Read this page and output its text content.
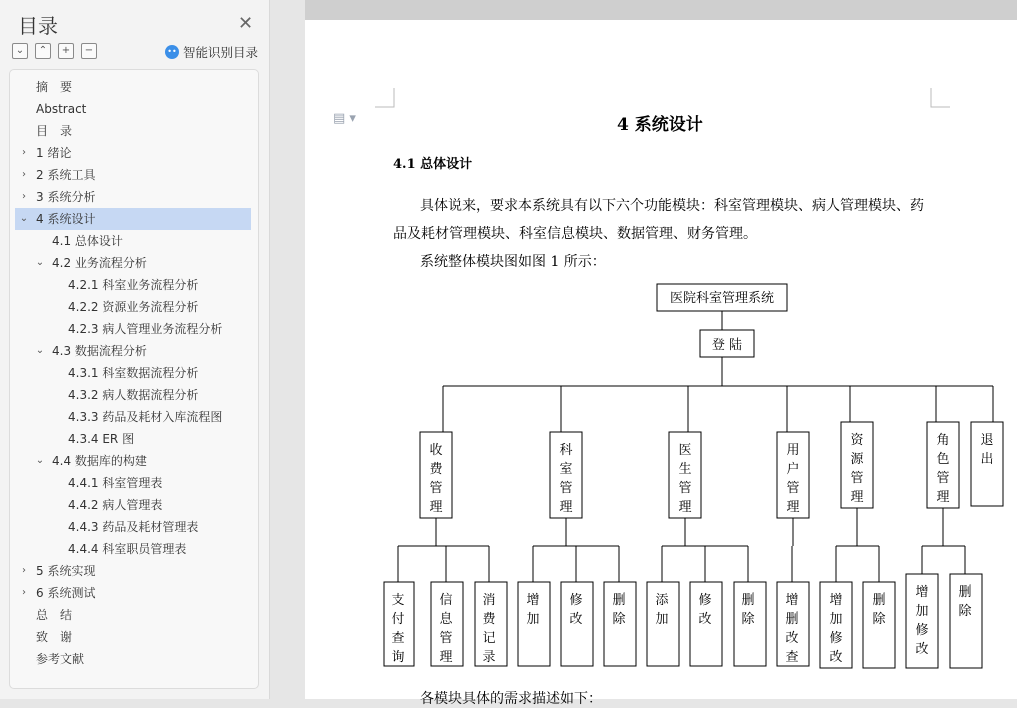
目录	✕
⌄	⌃	+	−	•• 智能识别目录
摘　要
Abstract
目　录
› 1 绪论
› 2 系统工具
› 3 系统分析
⌄ 4 系统设计
4.1 总体设计
⌄ 4.2 业务流程分析
4.2.1 科室业务流程分析
4.2.2 资源业务流程分析
4.2.3 病人管理业务流程分析
⌄ 4.3 数据流程分析
4.3.1 科室数据流程分析
4.3.2 病人数据流程分析
4.3.3 药品及耗材入库流程图
4.3.4 ER 图
⌄ 4.4 数据库的构建
4.4.1 科室管理表
4.4.2 病人管理表
4.4.3 药品及耗材管理表
4.4.4 科室职员管理表
› 5 系统实现
› 6 系统测试
总　结
致　谢
参考文献
▤ ▾	4 系统设计
4.1 总体设计
具体说来，要求本系统具有以下六个功能模块：科室管理模块、病人管理模块、药
品及耗材管理模块、科室信息模块、数据管理、财务管理。
系统整体模块图如图 1 所示：
各模块具体的需求描述如下：
医院科室管理系统
登 陆
收费管理
支付查询
信息管理
消费记录
科室管理
增加
修改
删除
医生管理
添加
修改
删除
用户管理
增删改查
资源管理
增加修改
删除
角色管理
增加修改
删除
退出
